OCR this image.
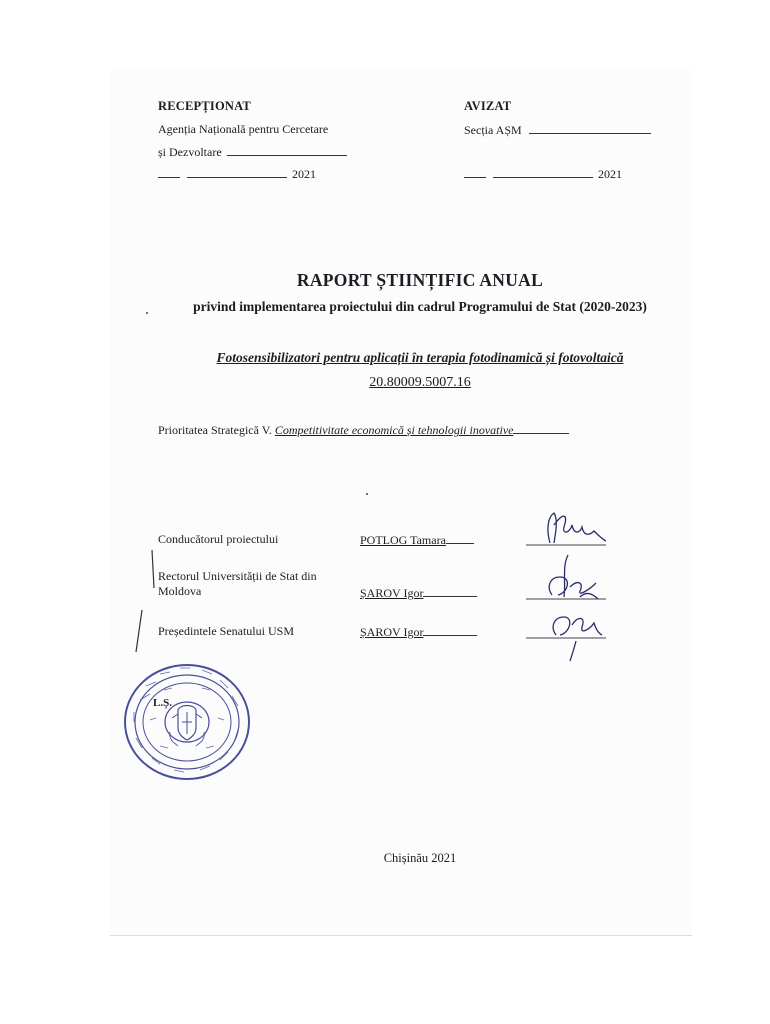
RECEPȚIONAT
Agenția Națională pentru Cercetare
și Dezvoltare
2021
AVIZAT
Secția AȘM
2021
RAPORT ȘTIINȚIFIC ANUAL
privind implementarea proiectului din cadrul Programului de Stat (2020-2023)
Fotosensibilizatori pentru aplicații în terapia fotodinamică și fotovoltaică
20.80009.5007.16
Prioritatea Strategică V. Competitivitate economică și tehnologii inovative
Conducătorul proiectului	POTLOG Tamara
Rectorul Universității de Stat din Moldova	ȘAROV Igor
Președintele Senatului USM	ȘAROV Igor
L.Ș.
Chișinău 2021
